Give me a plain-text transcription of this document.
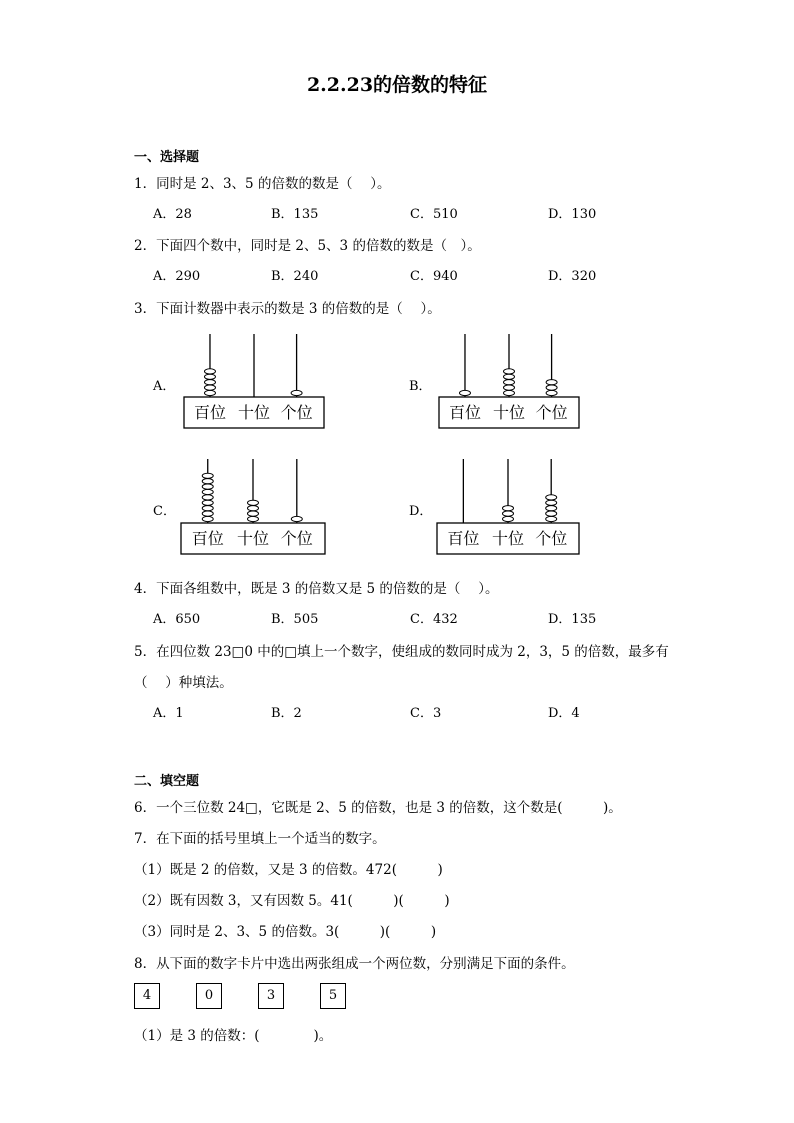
2.2.23的倍数的特征
一、选择题
1．同时是 2、3、5 的倍数的数是（　 ）。
A．28	B．135	C．510	D．130
2．下面四个数中，同时是 2、5、3 的倍数的数是（　）。
A．290	B．240	C．940	D．320
3．下面计数器中表示的数是 3 的倍数的是（　 ）。
A．
百位 十位 个位
B．
百位 十位 个位
C．
百位 十位 个位
D．
百位 十位 个位
4．下面各组数中，既是 3 的倍数又是 5 的倍数的是（　 ）。
A．650	B．505	C．432	D．135
5．在四位数 23□0 中的□填上一个数字，使组成的数同时成为 2，3，5 的倍数，最多有
（　 ）种填法。
A．1	B．2	C．3	D．4
二、填空题
6．一个三位数 24□，它既是 2、5 的倍数，也是 3 的倍数，这个数是(　　　)。
7．在下面的括号里填上一个适当的数字。
（1）既是 2 的倍数，又是 3 的倍数。472(　　　)
（2）既有因数 3，又有因数 5。41(　　　)(　　　)
（3）同时是 2、3、5 的倍数。3(　　　)(　　　)
8．从下面的数字卡片中选出两张组成一个两位数，分别满足下面的条件。
4	0	3	5
（1）是 3 的倍数：(　　　　)。
